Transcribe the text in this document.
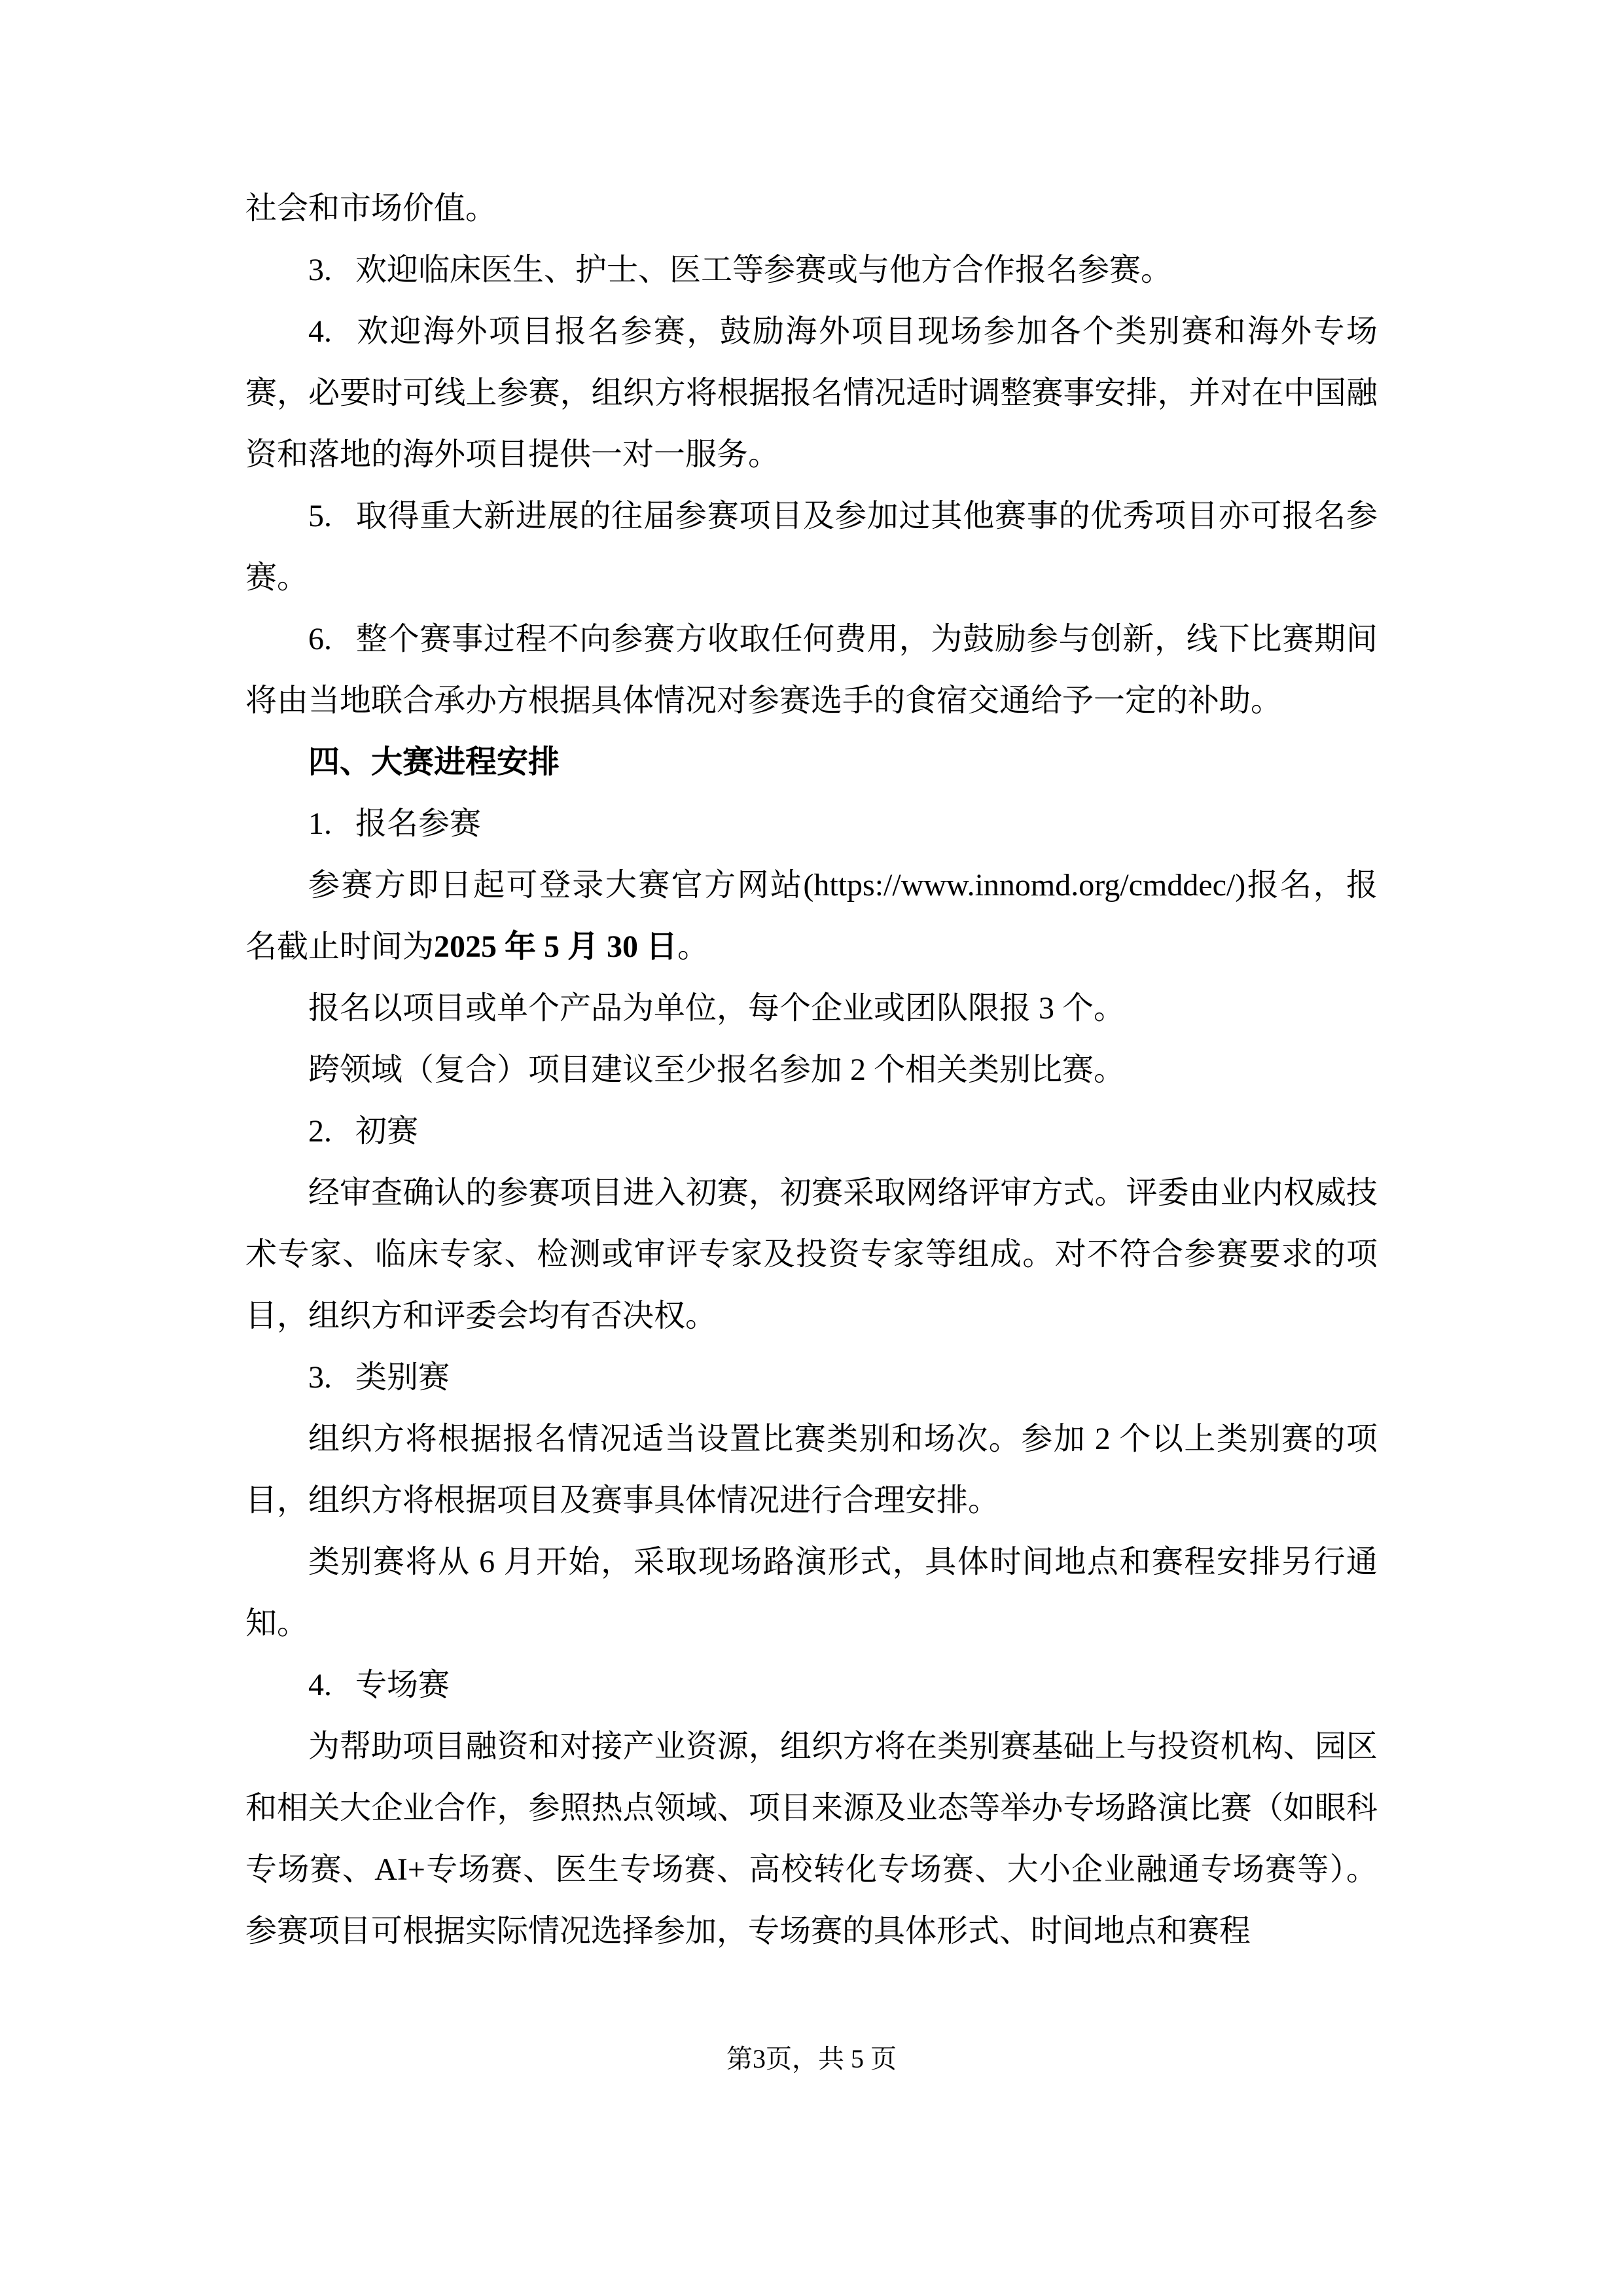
社会和市场价值。

3. 欢迎临床医生、护士、医工等参赛或与他方合作报名参赛。

4. 欢迎海外项目报名参赛，鼓励海外项目现场参加各个类别赛和海外专场赛，必要时可线上参赛，组织方将根据报名情况适时调整赛事安排，并对在中国融资和落地的海外项目提供一对一服务。

5. 取得重大新进展的往届参赛项目及参加过其他赛事的优秀项目亦可报名参赛。

6. 整个赛事过程不向参赛方收取任何费用，为鼓励参与创新，线下比赛期间将由当地联合承办方根据具体情况对参赛选手的食宿交通给予一定的补助。

四、大赛进程安排

1. 报名参赛

参赛方即日起可登录大赛官方网站(https://www.innomd.org/cmddec/)报名，报名截止时间为2025 年 5 月 30 日。

报名以项目或单个产品为单位，每个企业或团队限报 3 个。

跨领域（复合）项目建议至少报名参加 2 个相关类别比赛。

2. 初赛

经审查确认的参赛项目进入初赛，初赛采取网络评审方式。评委由业内权威技术专家、临床专家、检测或审评专家及投资专家等组成。对不符合参赛要求的项目，组织方和评委会均有否决权。

3. 类别赛

组织方将根据报名情况适当设置比赛类别和场次。参加 2 个以上类别赛的项目，组织方将根据项目及赛事具体情况进行合理安排。

类别赛将从 6 月开始，采取现场路演形式，具体时间地点和赛程安排另行通知。

4. 专场赛

为帮助项目融资和对接产业资源，组织方将在类别赛基础上与投资机构、园区和相关大企业合作，参照热点领域、项目来源及业态等举办专场路演比赛（如眼科专场赛、AI+专场赛、医生专场赛、高校转化专场赛、大小企业融通专场赛等）。参赛项目可根据实际情况选择参加，专场赛的具体形式、时间地点和赛程

第3页，共 5 页
